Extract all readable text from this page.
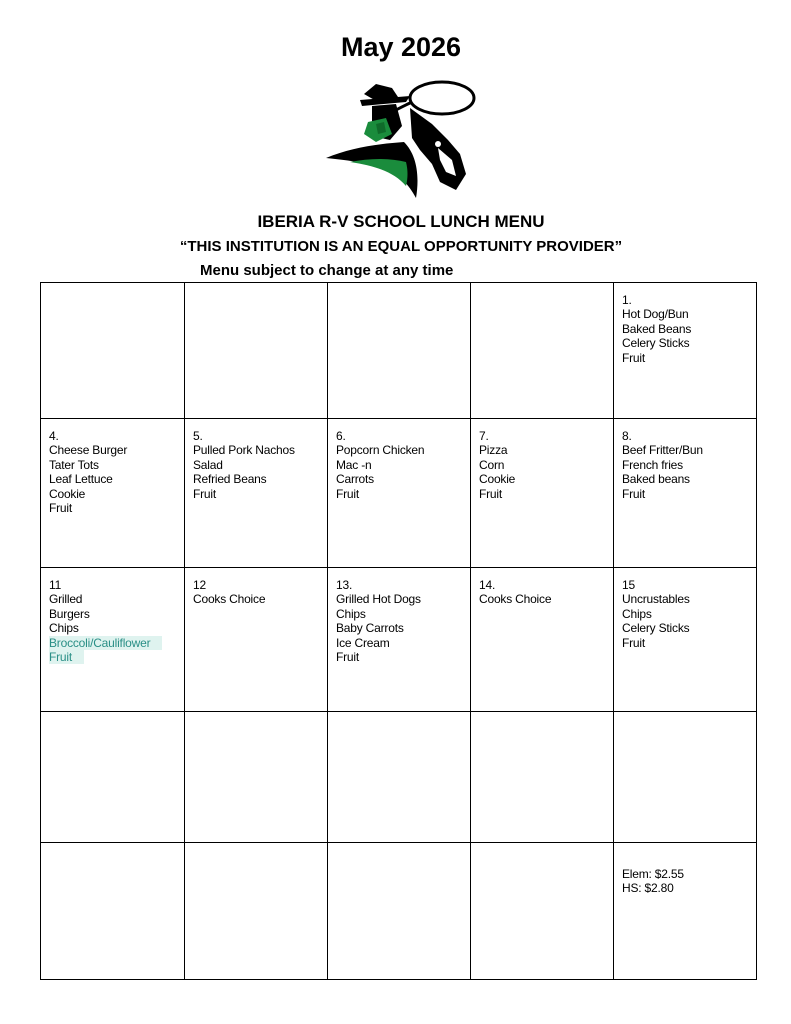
May 2026
IBERIA R-V SCHOOL LUNCH MENU
“THIS INSTITUTION IS AN EQUAL OPPORTUNITY PROVIDER”
Menu subject to change at any time
1.
Hot Dog/Bun
Baked Beans
Celery Sticks
Fruit
4.
Cheese Burger
Tater Tots
Leaf Lettuce
Cookie
Fruit
5.
Pulled Pork Nachos
Salad
Refried Beans
Fruit
6.
Popcorn Chicken
Mac -n
Carrots
Fruit
7.
Pizza
Corn
Cookie
Fruit
8.
Beef Fritter/Bun
French fries
Baked beans
Fruit
11
Grilled
Burgers
Chips
Broccoli/Cauliflower
Fruit
12
Cooks Choice
13.
Grilled Hot Dogs
Chips
Baby Carrots
Ice Cream
Fruit
14.
Cooks Choice
15
Uncrustables
Chips
Celery Sticks
Fruit
Elem: $2.55
HS: $2.80
